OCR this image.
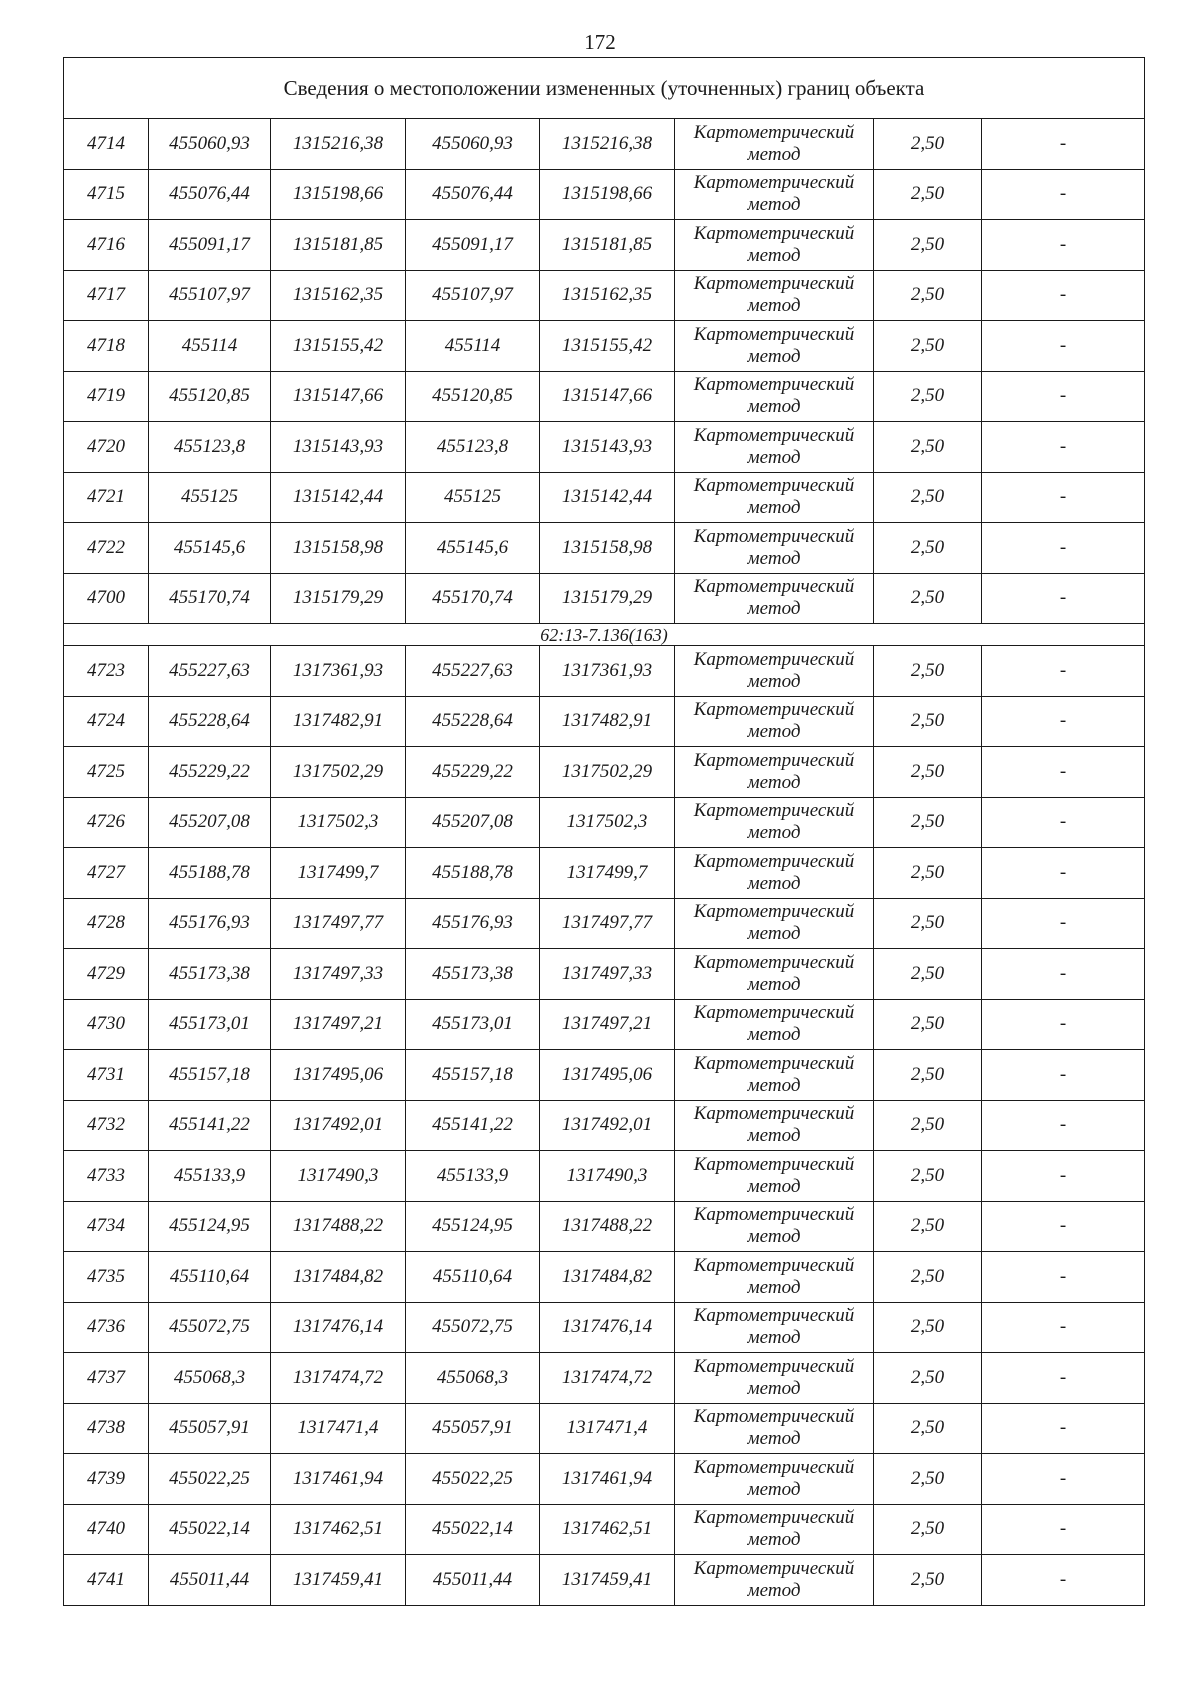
172
Сведения о местоположении измененных (уточненных) границ объекта							
4714	455060,93	1315216,38	455060,93	1315216,38	Картометрический
метод	2,50	-
4715	455076,44	1315198,66	455076,44	1315198,66	Картометрический
метод	2,50	-
4716	455091,17	1315181,85	455091,17	1315181,85	Картометрический
метод	2,50	-
4717	455107,97	1315162,35	455107,97	1315162,35	Картометрический
метод	2,50	-
4718	455114	1315155,42	455114	1315155,42	Картометрический
метод	2,50	-
4719	455120,85	1315147,66	455120,85	1315147,66	Картометрический
метод	2,50	-
4720	455123,8	1315143,93	455123,8	1315143,93	Картометрический
метод	2,50	-
4721	455125	1315142,44	455125	1315142,44	Картометрический
метод	2,50	-
4722	455145,6	1315158,98	455145,6	1315158,98	Картометрический
метод	2,50	-
4700	455170,74	1315179,29	455170,74	1315179,29	Картометрический
метод	2,50	-
62:13-7.136(163)							
4723	455227,63	1317361,93	455227,63	1317361,93	Картометрический
метод	2,50	-
4724	455228,64	1317482,91	455228,64	1317482,91	Картометрический
метод	2,50	-
4725	455229,22	1317502,29	455229,22	1317502,29	Картометрический
метод	2,50	-
4726	455207,08	1317502,3	455207,08	1317502,3	Картометрический
метод	2,50	-
4727	455188,78	1317499,7	455188,78	1317499,7	Картометрический
метод	2,50	-
4728	455176,93	1317497,77	455176,93	1317497,77	Картометрический
метод	2,50	-
4729	455173,38	1317497,33	455173,38	1317497,33	Картометрический
метод	2,50	-
4730	455173,01	1317497,21	455173,01	1317497,21	Картометрический
метод	2,50	-
4731	455157,18	1317495,06	455157,18	1317495,06	Картометрический
метод	2,50	-
4732	455141,22	1317492,01	455141,22	1317492,01	Картометрический
метод	2,50	-
4733	455133,9	1317490,3	455133,9	1317490,3	Картометрический
метод	2,50	-
4734	455124,95	1317488,22	455124,95	1317488,22	Картометрический
метод	2,50	-
4735	455110,64	1317484,82	455110,64	1317484,82	Картометрический
метод	2,50	-
4736	455072,75	1317476,14	455072,75	1317476,14	Картометрический
метод	2,50	-
4737	455068,3	1317474,72	455068,3	1317474,72	Картометрический
метод	2,50	-
4738	455057,91	1317471,4	455057,91	1317471,4	Картометрический
метод	2,50	-
4739	455022,25	1317461,94	455022,25	1317461,94	Картометрический
метод	2,50	-
4740	455022,14	1317462,51	455022,14	1317462,51	Картометрический
метод	2,50	-
4741	455011,44	1317459,41	455011,44	1317459,41	Картометрический
метод	2,50	-
